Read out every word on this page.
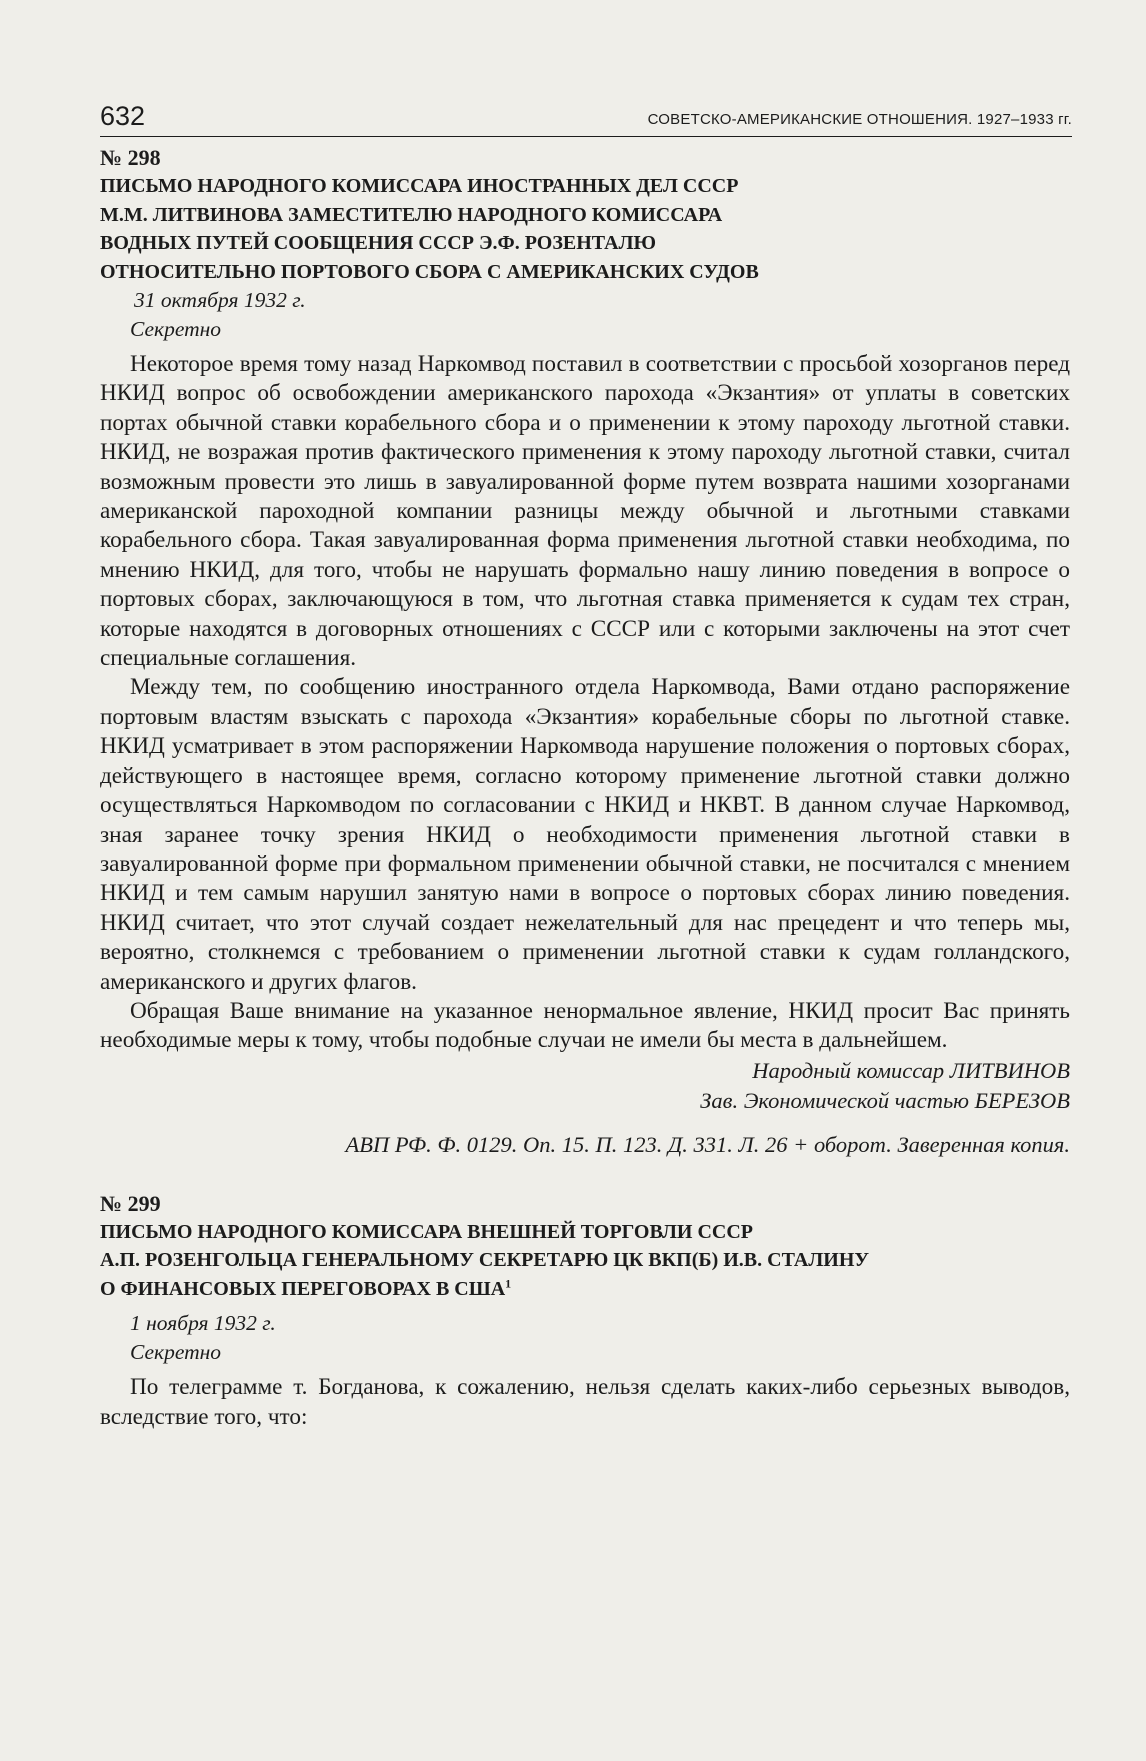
632	СОВЕТСКО-АМЕРИКАНСКИЕ ОТНОШЕНИЯ. 1927–1933 гг.
№ 298
ПИСЬМО НАРОДНОГО КОМИССАРА ИНОСТРАННЫХ ДЕЛ СССР
М.М. ЛИТВИНОВА ЗАМЕСТИТЕЛЮ НАРОДНОГО КОМИССАРА
ВОДНЫХ ПУТЕЙ СООБЩЕНИЯ СССР Э.Ф. РОЗЕНТАЛЮ
ОТНОСИТЕЛЬНО ПОРТОВОГО СБОРА С АМЕРИКАНСКИХ СУДОВ
31 октября 1932 г.
Секретно

Некоторое время тому назад Наркомвод поставил в соответствии с просьбой хозорганов перед НКИД вопрос об освобождении американского парохода «Экзантия» от уплаты в советских портах обычной ставки корабельного сбора и о применении к этому пароходу льготной ставки. НКИД, не возражая против фактического применения к этому пароходу льготной ставки, считал возможным провести это лишь в завуалированной форме путем возврата нашими хозорганами американской пароходной компании разницы между обычной и льготными ставками корабельного сбора. Такая завуалированная форма применения льготной ставки необходима, по мнению НКИД, для того, чтобы не нарушать формально нашу линию поведения в вопросе о портовых сборах, заключающуюся в том, что льготная ставка применяется к судам тех стран, которые находятся в договорных отношениях с СССР или с которыми заключены на этот счет специальные соглашения.

Между тем, по сообщению иностранного отдела Наркомвода, Вами отдано распоряжение портовым властям взыскать с парохода «Экзантия» корабельные сборы по льготной ставке. НКИД усматривает в этом распоряжении Наркомвода нарушение положения о портовых сборах, действующего в настоящее время, согласно которому применение льготной ставки должно осуществляться Наркомводом по согласовании с НКИД и НКВТ. В данном случае Наркомвод, зная заранее точку зрения НКИД о необходимости применения льготной ставки в завуалированной форме при формальном применении обычной ставки, не посчитался с мнением НКИД и тем самым нарушил занятую нами в вопросе о портовых сборах линию поведения. НКИД считает, что этот случай создает нежелательный для нас прецедент и что теперь мы, вероятно, столкнемся с требованием о применении льготной ставки к судам голландского, американского и других флагов.

Обращая Ваше внимание на указанное ненормальное явление, НКИД просит Вас принять необходимые меры к тому, чтобы подобные случаи не имели бы места в дальнейшем.

Народный комиссар ЛИТВИНОВ
Зав. Экономической частью БЕРЕЗОВ
АВП РФ. Ф. 0129. Оп. 15. П. 123. Д. 331. Л. 26 + оборот. Заверенная копия.
№ 299
ПИСЬМО НАРОДНОГО КОМИССАРА ВНЕШНЕЙ ТОРГОВЛИ СССР
А.П. РОЗЕНГОЛЬЦА ГЕНЕРАЛЬНОМУ СЕКРЕТАРЮ ЦК ВКП(Б) И.В. СТАЛИНУ
О ФИНАНСОВЫХ ПЕРЕГОВОРАХ В США$^1$
1 ноября 1932 г.
Секретно

По телеграмме т. Богданова, к сожалению, нельзя сделать каких-либо серьезных выводов, вследствие того, что:
